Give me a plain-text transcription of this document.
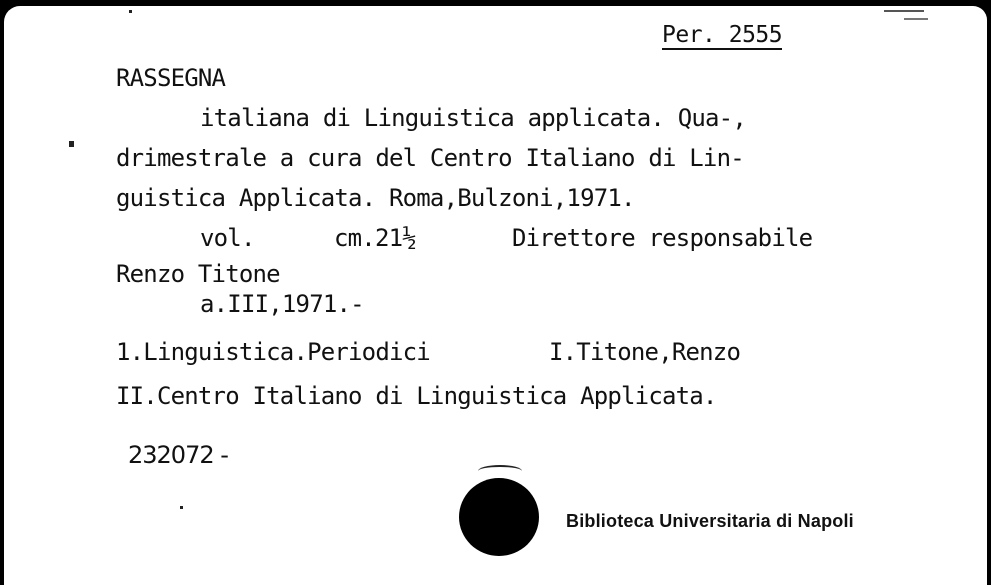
Per. 2555
RASSEGNA
italiana di Linguistica applicata. Qua-,
drimestrale a cura del Centro Italiano di Lin-
guistica Applicata. Roma,Bulzoni,1971.
vol.	cm.21½	Direttore responsabile
Renzo Titone
a.III,1971.-
1.Linguistica.Periodici	I.Titone,Renzo
II.Centro Italiano di Linguistica Applicata.
232072 -
Biblioteca Universitaria di Napoli
